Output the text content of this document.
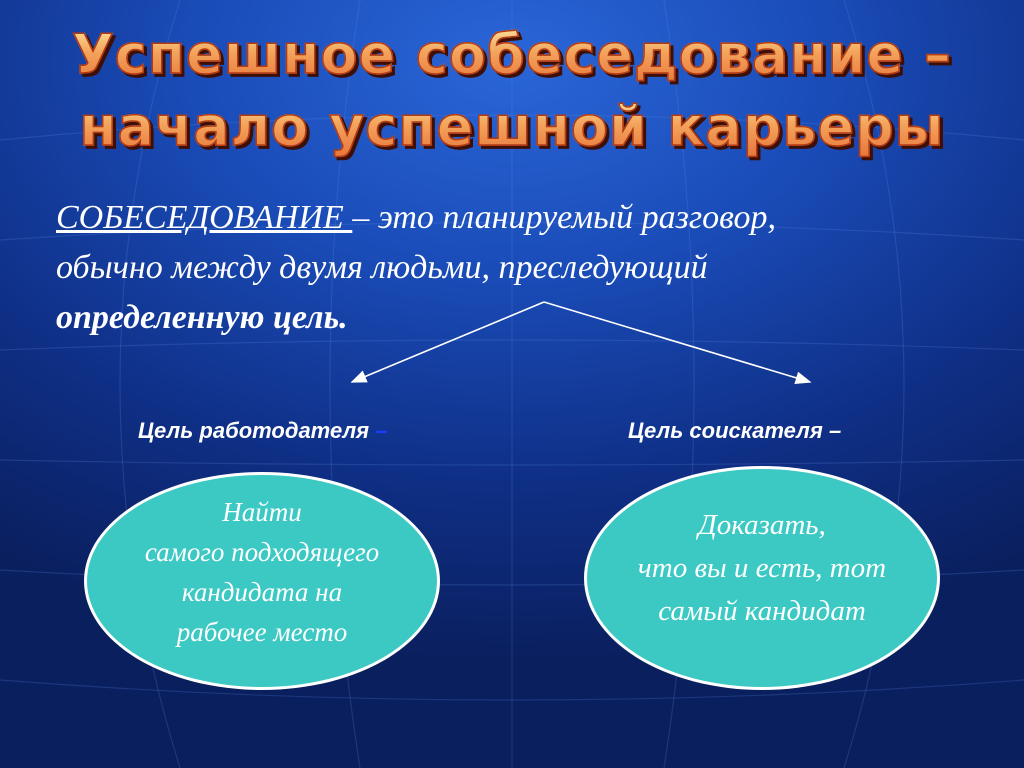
Успешное собеседование –
начало успешной карьеры
СОБЕСЕДОВАНИЕ – это планируемый разговор,
обычно между двумя людьми, преследующий
определенную цель.
Цель работодателя –	Цель соискателя –
Найти
самого подходящего
кандидата на
рабочее место
Доказать,
что вы и есть, тот
самый кандидат
